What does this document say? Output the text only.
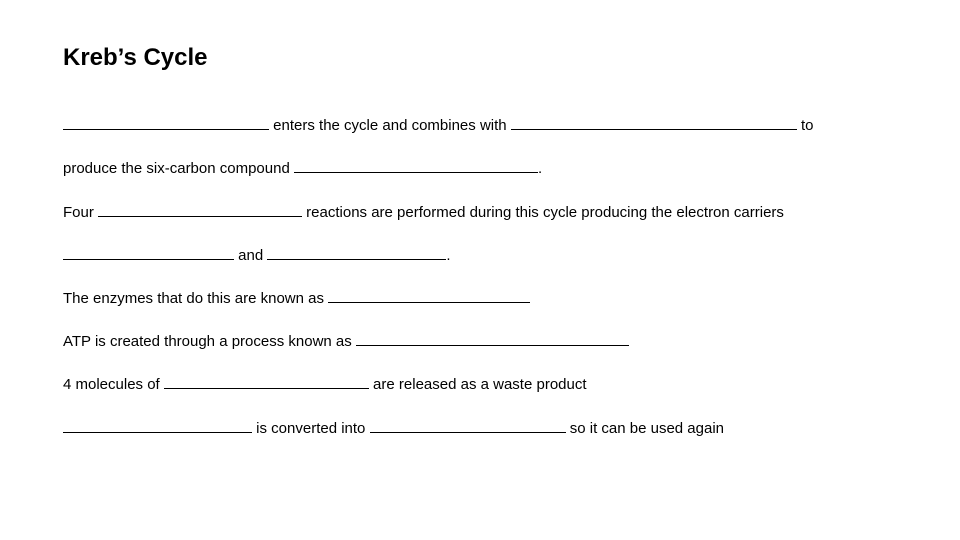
Kreb’s Cycle
enters the cycle and combines with	to
produce the six-carbon compound	.
Four	reactions are performed during this cycle producing the electron carriers
and	.
The enzymes that do this are known as
ATP is created through a process known as
4 molecules of	are released as a waste product
is converted into	so it can be used again
